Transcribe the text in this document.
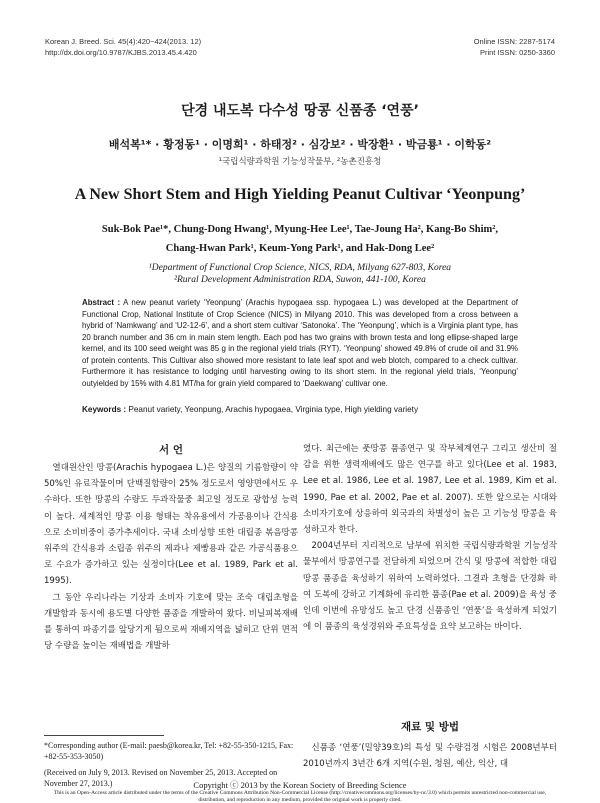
Korean J. Breed. Sci. 45(4):420~424(2013. 12)
http://dx.doi.org/10.9787/KJBS.2013.45.4.420
Online ISSN: 2287-5174
Print ISSN: 0250-3360
단경 내도복 다수성 땅콩 신품종 ‘연풍’
배석복¹* · 황정동¹ · 이명희¹ · 하태정² · 심강보² · 박장환¹ · 박금룡¹ · 이학동²
¹국립식량과학원 기능성작물부, ²농촌진흥청
A New Short Stem and High Yielding Peanut Cultivar ‘Yeonpung’
Suk-Bok Pae¹*, Chung-Dong Hwang¹, Myung-Hee Lee¹, Tae-Joung Ha², Kang-Bo Shim²,
Chang-Hwan Park¹, Keum-Yong Park¹, and Hak-Dong Lee²
¹Department of Functional Crop Science, NICS, RDA, Milyang 627-803, Korea
²Rural Development Administration RDA, Suwon, 441-100, Korea
Abstract : A new peanut variety ‘Yeonpung’ (Arachis hypogaea ssp. hypogaea L.) was developed at the Department of Functional Crop, National Institute of Crop Science (NICS) in Milyang 2010. This was developed from a cross between a hybrid of ‘Namkwang’ and ‘U2-12-6’, and a short stem cultivar ‘Satonoka’. The ‘Yeonpung’, which is a Virginia plant type, has 20 branch number and 36 cm in main stem length. Each pod has two grains with brown testa and long ellipse-shaped large kernel, and its 100 seed weight was 85 g in the regional yield trials (RYT). ‘Yeonpung’ showed 49.8% of crude oil and 31.9% of protein contents. This Cultivar also showed more resistant to late leaf spot and web blotch, compared to a check cultivar. Furthermore it has resistance to lodging until harvesting owing to its short stem. In the regional yield trials, ‘Yeonpung’ outyielded by 15% with 4.81 MT/ha for grain yield compared to ‘Daekwang’ cultivar one.
Keywords : Peanut variety, Yeonpung, Arachis hypogaea, Virginia type, High yielding variety
서 언

열대원산인 땅콩(Arachis hypogaea L.)은 양질의 기름함량이 약 50%인 유료작물이며 단백질함량이 25% 정도로서 영양면에서도 우수하다. 또한 땅콩의 수량도 두과작물중 최고일 정도로 광합성 능력이 높다. 세계적인 땅콩 이용 형태는 착유용에서 가공용이나 간식용으로 소비비중이 증가추세이다. 국내 소비성향 또한 대립종 볶음땅콩 위주의 간식용과 소립종 위주의 제과나 제빵용과 같은 가공식품용으로 수요가 증가하고 있는 실정이다(Lee et al. 1989, Park et al. 1995).

그 동안 우리나라는 기상과 소비자 기호에 맞는 조숙 대립초형을 개발함과 동시에 용도별 다양한 품종을 개발하여 왔다. 비닐피복재배를 통하여 파종기를 앞당기게 됨으로써 재배지역을 넓히고 단위 면적당 수량을 높이는 재배법을 개발하

였다. 최근에는 풋땅콩 품종연구 및 작부체계연구 그리고 생산비 절감을 위한 생력재배에도 많은 연구를 하고 있다(Lee et al. 1983, Lee et al. 1986, Lee et al. 1987, Lee et al. 1989, Kim et al. 1990, Pae et al. 2002, Pae et al. 2007). 또한 앞으로는 시대와 소비자기호에 상응하여 외국과의 차별성이 높은 고 기능성 땅콩을 육성하고자 한다.

2004년부터 지리적으로 남부에 위치한 국립식량과학원 기능성작물부에서 땅콩연구를 전담하게 되었으며 간식 및 땅콩에 적합한 대립 땅콩 품종을 육성하기 위하여 노력하였다. 그결과 초형을 단경화 하여 도복에 강하고 기계화에 유리한 품종(Pae et al. 2009)을 육성 중인데 이번에 유망성도 높고 단경 신품종인 ‘연풍’을 육성하게 되었기에 이 품종의 육성경위와 주요특성을 요약 보고하는 바이다.

재료 및 방법

신품종 ‘연풍’(밀양39호)의 특성 및 수량검정 시험은 2008년부터 2010년까지 3년간 6개 지역(수원, 청원, 예산, 익산, 대

*Corresponding author (E-mail: paesb@korea.kr, Tel: +82-55-350-1215, Fax: +82-55-353-3050)
(Received on July 9, 2013. Revised on November 25, 2013. Accepted on November 27, 2013.)	Copyright ⓒ 2013 by the Korean Society of Breeding Science
This is an Open-Access article distributed under the terms of the Creative Commons Attribution Non-Commercial License (http://creativecommons.org/licenses/by-nc/3.0) which permits unrestricted non-commercial use, distribution, and reproduction in any medium, provided the original work is properly cited.
